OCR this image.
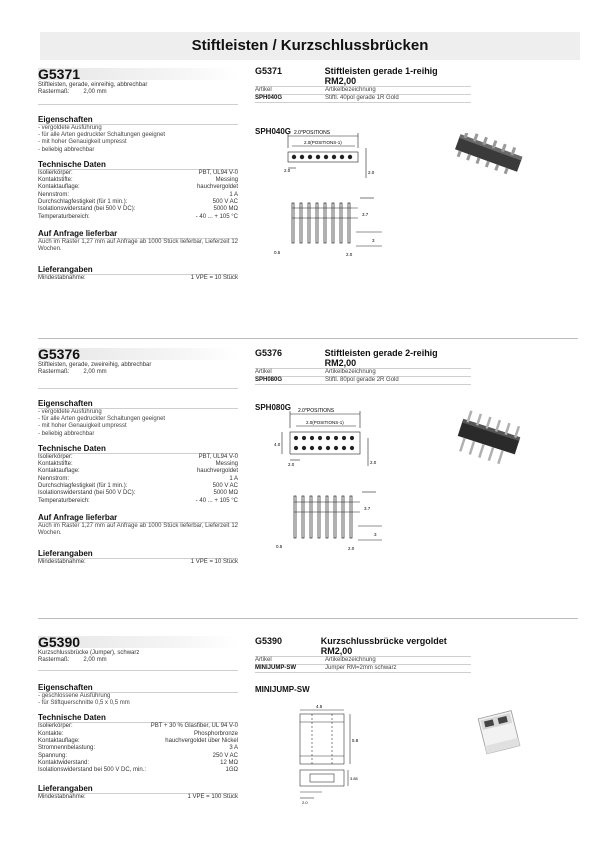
Stiftleisten / Kurzschlussbrücken
G5371
Stiftleisten, gerade, einreihig, abbrechbar
Rastermaß: 2,00 mm
Eigenschaften
- vergoldete Ausführung
- für alle Arten gedruckter Schaltungen geeignet
- mit hoher Genauigkeit umpresst
- beliebig abbrechbar
Technische Daten
Isolierkörper:	PBT, UL94 V-0
Kontaktstifte:	Messing
Kontaktauflage:	hauchvergoldet
Nennstrom:	1 A
Durchschlagfestigkeit (für 1 min.):	500 V AC
Isolationswiderstand (bei 500 V DC):	5000 MΩ
Temperaturbereich:	- 40 ... + 105 °C
Auf Anfrage lieferbar
Auch im Raster 1,27 mm auf Anfrage ab 1000 Stück lieferbar, Lieferzeit 12 Wochen.
Lieferangaben
Mindestabnahme:	1 VPE = 10 Stück
G5371	Stiftleisten gerade 1-reihig RM2,00
Artikel	Artikelbezeichnung
SPH040G	Stiftl. 40pol gerade 1R Gold
SPH040G 2.0*POSITIONS
2.0(POSITIONS-1)
2.0	2.0
3.7
3
0.5	2.0
G5376
Stiftleisten, gerade, zweireihig, abbrechbar
Rastermaß: 2,00 mm
Eigenschaften
- vergoldete Ausführung
- für alle Arten gedruckter Schaltungen geeignet
- mit hoher Genauigkeit umpresst
- beliebig abbrechbar
Technische Daten
Isolierkörper:	PBT, UL94 V-0
Kontaktstifte:	Messing
Kontaktauflage:	hauchvergoldet
Nennstrom:	1 A
Durchschlagfestigkeit (für 1 min.):	500 V AC
Isolationswiderstand (bei 500 V DC):	5000 MΩ
Temperaturbereich:	- 40 ... + 105 °C
Auf Anfrage lieferbar
Auch im Raster 1,27 mm auf Anfrage ab 1000 Stück lieferbar, Lieferzeit 12 Wochen.
Lieferangaben
Mindestabnahme:	1 VPE = 10 Stück
G5376	Stiftleisten gerade 2-reihig RM2,00
Artikel	Artikelbezeichnung
SPH080G	Stiftl. 80pol gerade 2R Gold
SPH080G	2.0*POSITIONS
2.0(POSITIONS-1)
4.0
2.0	2.0
3.7
3
0.5	2.0
G5390
Kurzschlussbrücke (Jumper), schwarz
Rastermaß: 2,00 mm
Eigenschaften
- geschlossene Ausführung
- für Stiftquerschnitte 0,5 x 0,5 mm
Technische Daten
Isolierkörper:	PBT + 30 % Glasfiber, UL 94 V-0
Kontakte:	Phosphorbronze
Kontaktauflage:	hauchvergoldet über Nickel
Stromnennbelastung:	3 A
Spannung:	250 V AC
Kontaktwiderstand:	12 MΩ
Isolationswiderstand bei 500 V DC, min.:	1GΩ
Lieferangaben
Mindestabnahme:	1 VPE = 100 Stück
G5390	Kurzschlussbrücke vergoldet RM2,00
Artikel	Artikelbezeichnung
MINIJUMP-SW	Jumper RM=2mm schwarz
MINIJUMP-SW
4.5
5.8
3.85
2.0
